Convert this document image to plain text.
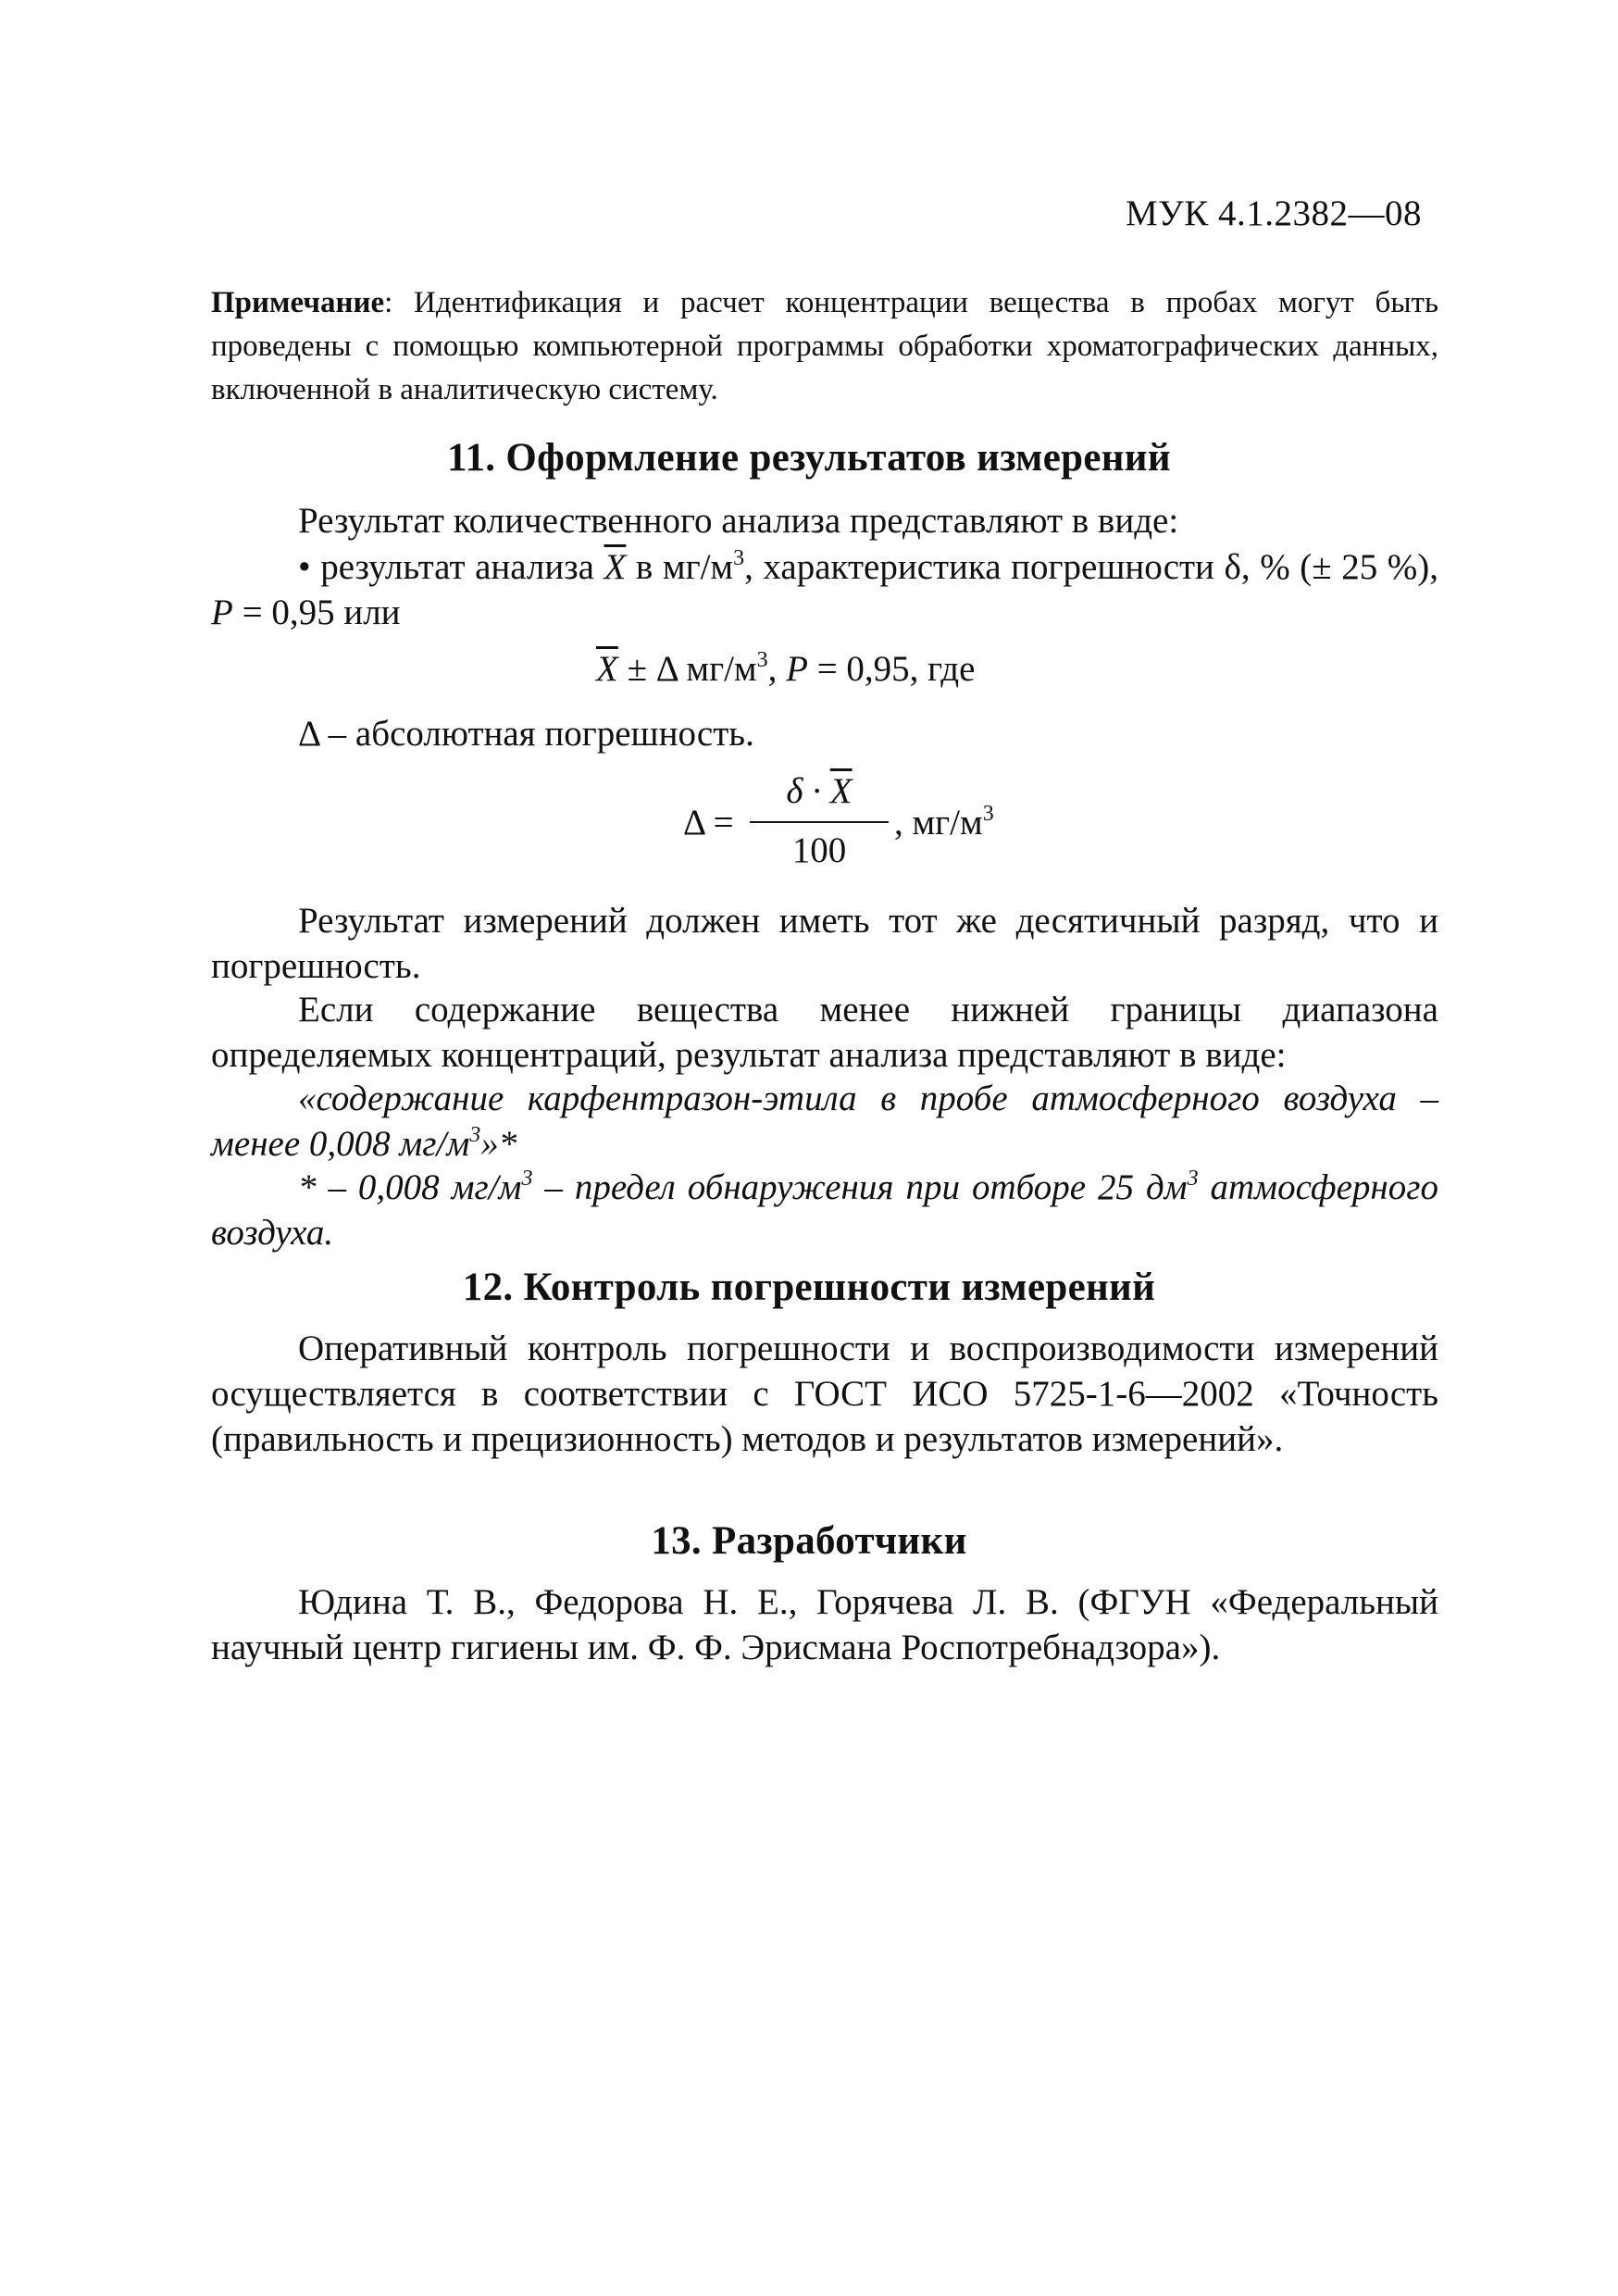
МУК 4.1.2382—08
Примечание: Идентификация и расчет концентрации вещества в пробах могут быть проведены с помощью компьютерной программы обработки хроматографических данных, включенной в аналитическую систему.
11. Оформление результатов измерений
Результат количественного анализа представляют в виде:
• результат анализа $\overline{X}$ в $мг/м^3$, характеристика погрешности δ, % (± 25 %), P = 0,95 или
$\overline{X} \pm \Delta$ $мг/м^3$, P = 0,95, где
Δ – абсолютная погрешность.
Δ =
$\delta \cdot \overline{X}$
100
, $мг/м^3$
Результат измерений должен иметь тот же десятичный разряд, что и погрешность.
Если содержание вещества менее нижней границы диапазона определяемых концентраций, результат анализа представляют в виде:
«содержание карфентразон-этила в пробе атмосферного воздуха – менее 0,008 $мг/м^3»*$
* – 0,008 $мг/м^3$ – предел обнаружения при отборе 25 $дм^3$ атмосферного воздуха.
12. Контроль погрешности измерений
Оперативный контроль погрешности и воспроизводимости измерений осуществляется в соответствии с ГОСТ ИСО 5725-1-6—2002 «Точность (правильность и прецизионность) методов и результатов измерений».
13. Разработчики
Юдина Т. В., Федорова Н. Е., Горячева Л. В. (ФГУН «Федеральный научный центр гигиены им. Ф. Ф. Эрисмана Роспотребнадзора»).
